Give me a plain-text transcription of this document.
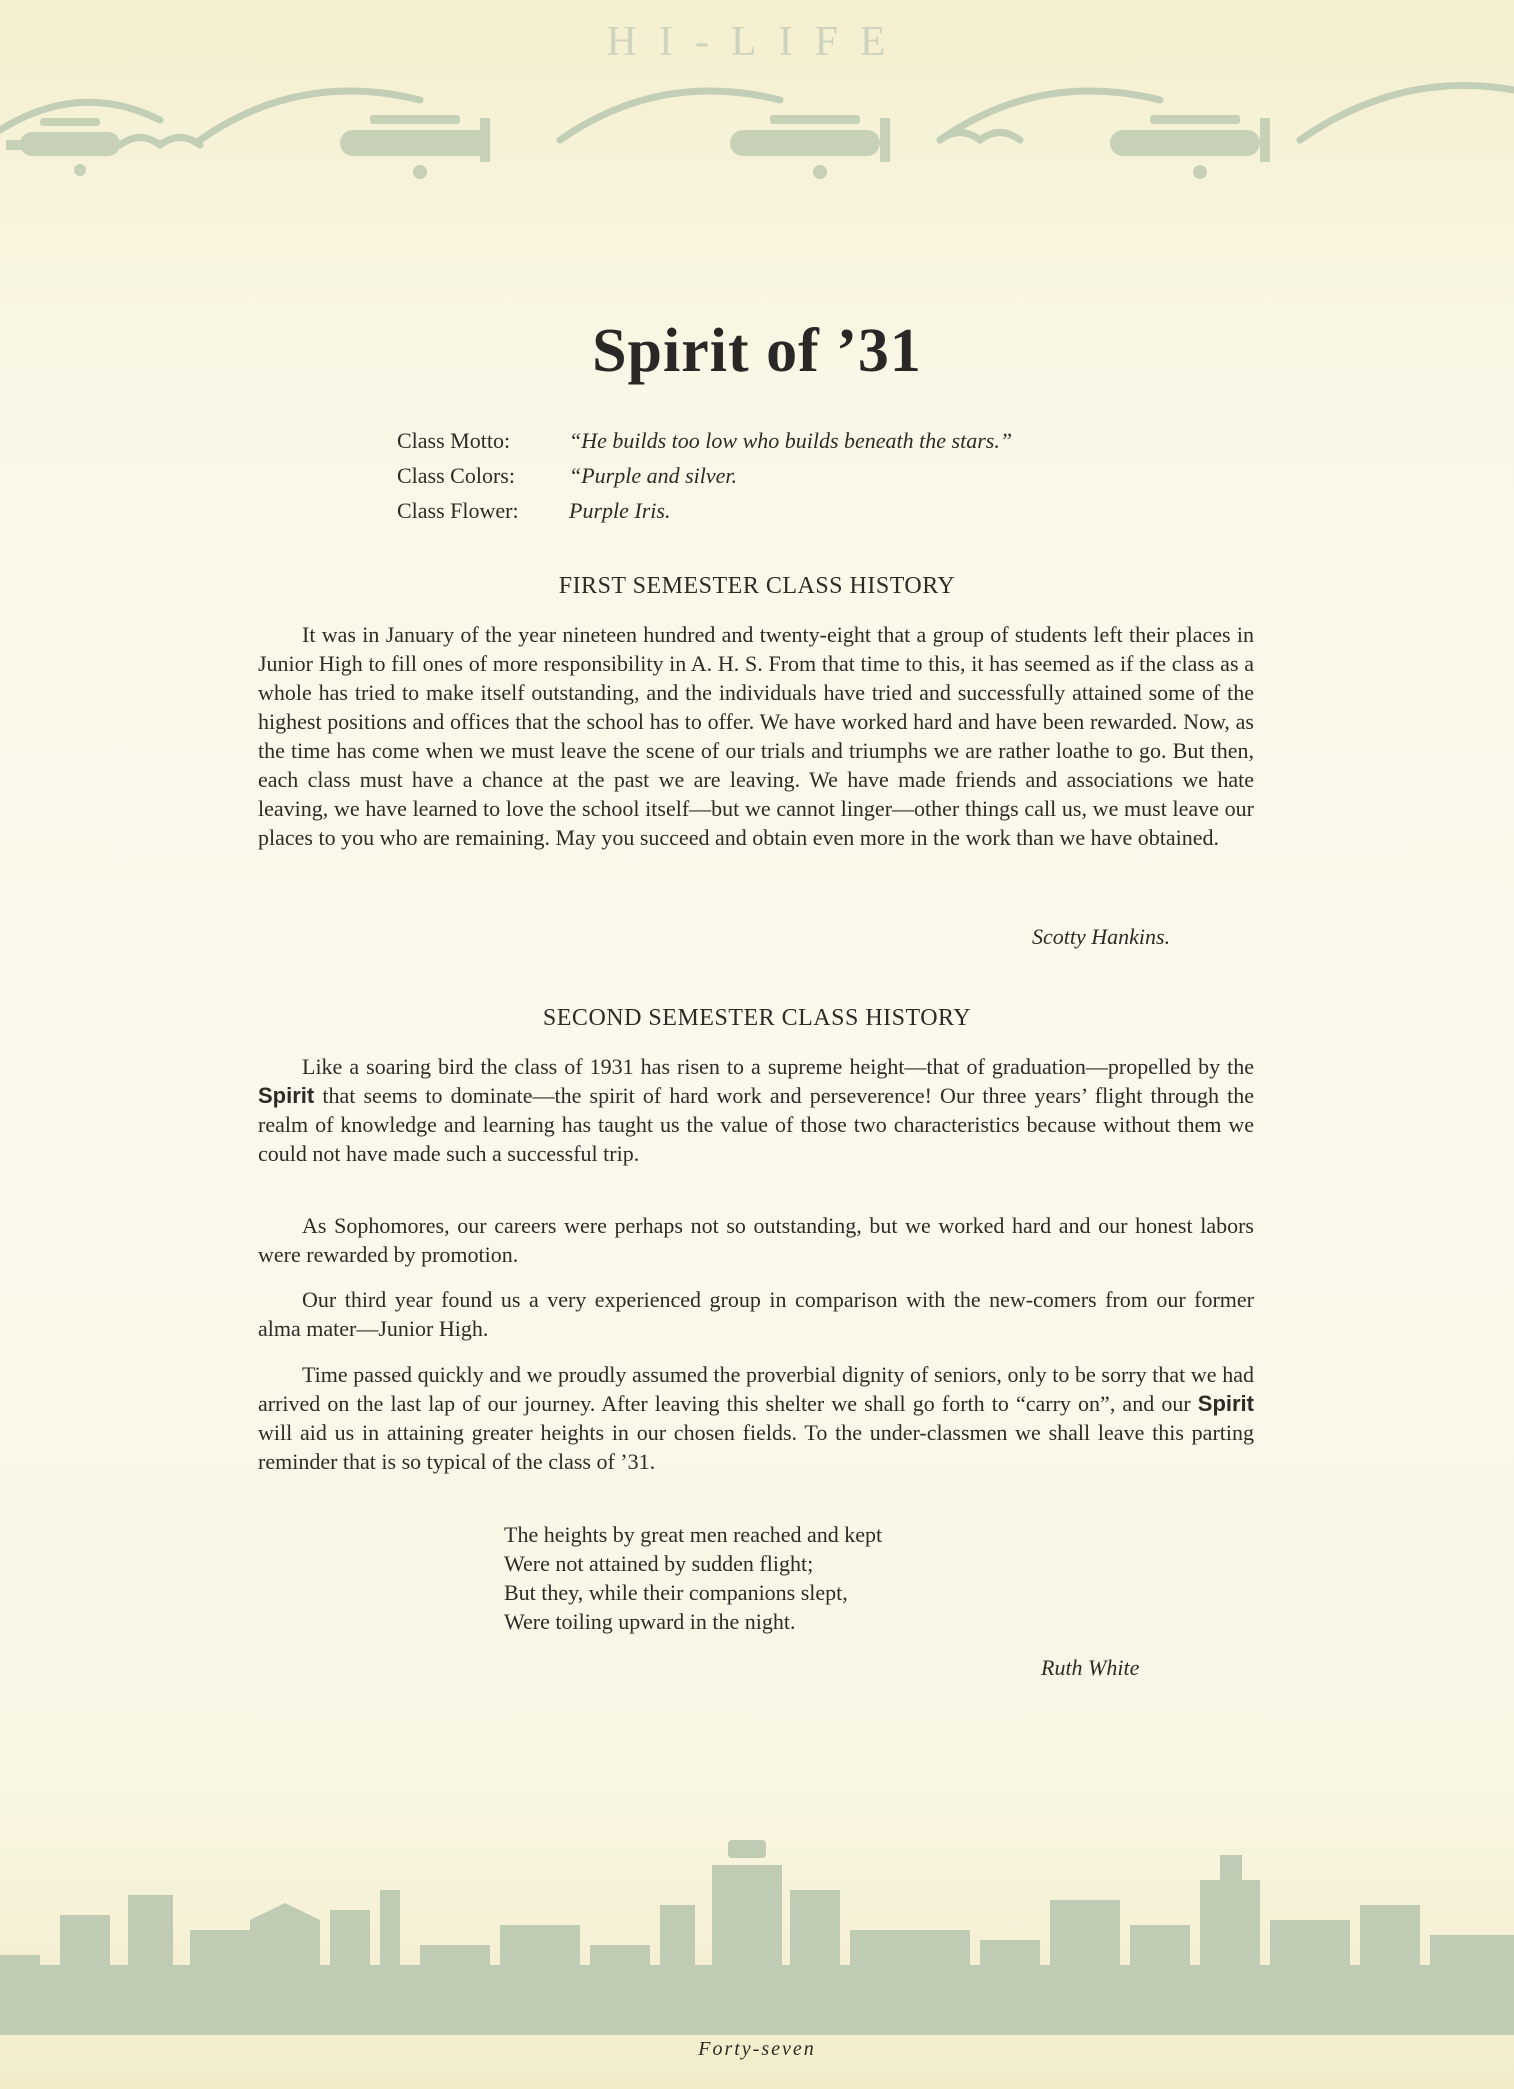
HI-LIFE
Spirit of ’31
Class Motto:	“He builds too low who builds beneath the stars.”
Class Colors:	“Purple and silver.
Class Flower:	Purple Iris.
FIRST SEMESTER CLASS HISTORY
It was in January of the year nineteen hundred and twenty-eight that a group of students left their places in Junior High to fill ones of more responsibility in A. H. S. From that time to this, it has seemed as if the class as a whole has tried to make itself outstanding, and the individuals have tried and successfully attained some of the highest positions and offices that the school has to offer. We have worked hard and have been rewarded. Now, as the time has come when we must leave the scene of our trials and triumphs we are rather loathe to go. But then, each class must have a chance at the past we are leaving. We have made friends and associations we hate leaving, we have learned to love the school itself—but we cannot linger—other things call us, we must leave our places to you who are remaining. May you succeed and obtain even more in the work than we have obtained.
Scotty Hankins.
SECOND SEMESTER CLASS HISTORY
Like a soaring bird the class of 1931 has risen to a supreme height—that of graduation—propelled by the Spirit that seems to dominate—the spirit of hard work and perseverence! Our three years’ flight through the realm of knowledge and learning has taught us the value of those two characteristics because without them we could not have made such a successful trip.
As Sophomores, our careers were perhaps not so outstanding, but we worked hard and our honest labors were rewarded by promotion.
Our third year found us a very experienced group in comparison with the new-comers from our former alma mater—Junior High.
Time passed quickly and we proudly assumed the proverbial dignity of seniors, only to be sorry that we had arrived on the last lap of our journey. After leaving this shelter we shall go forth to “carry on”, and our Spirit will aid us in attaining greater heights in our chosen fields. To the under-classmen we shall leave this parting reminder that is so typical of the class of ’31.
The heights by great men reached and kept
Were not attained by sudden flight;
But they, while their companions slept,
Were toiling upward in the night.
Ruth White
Forty-seven
